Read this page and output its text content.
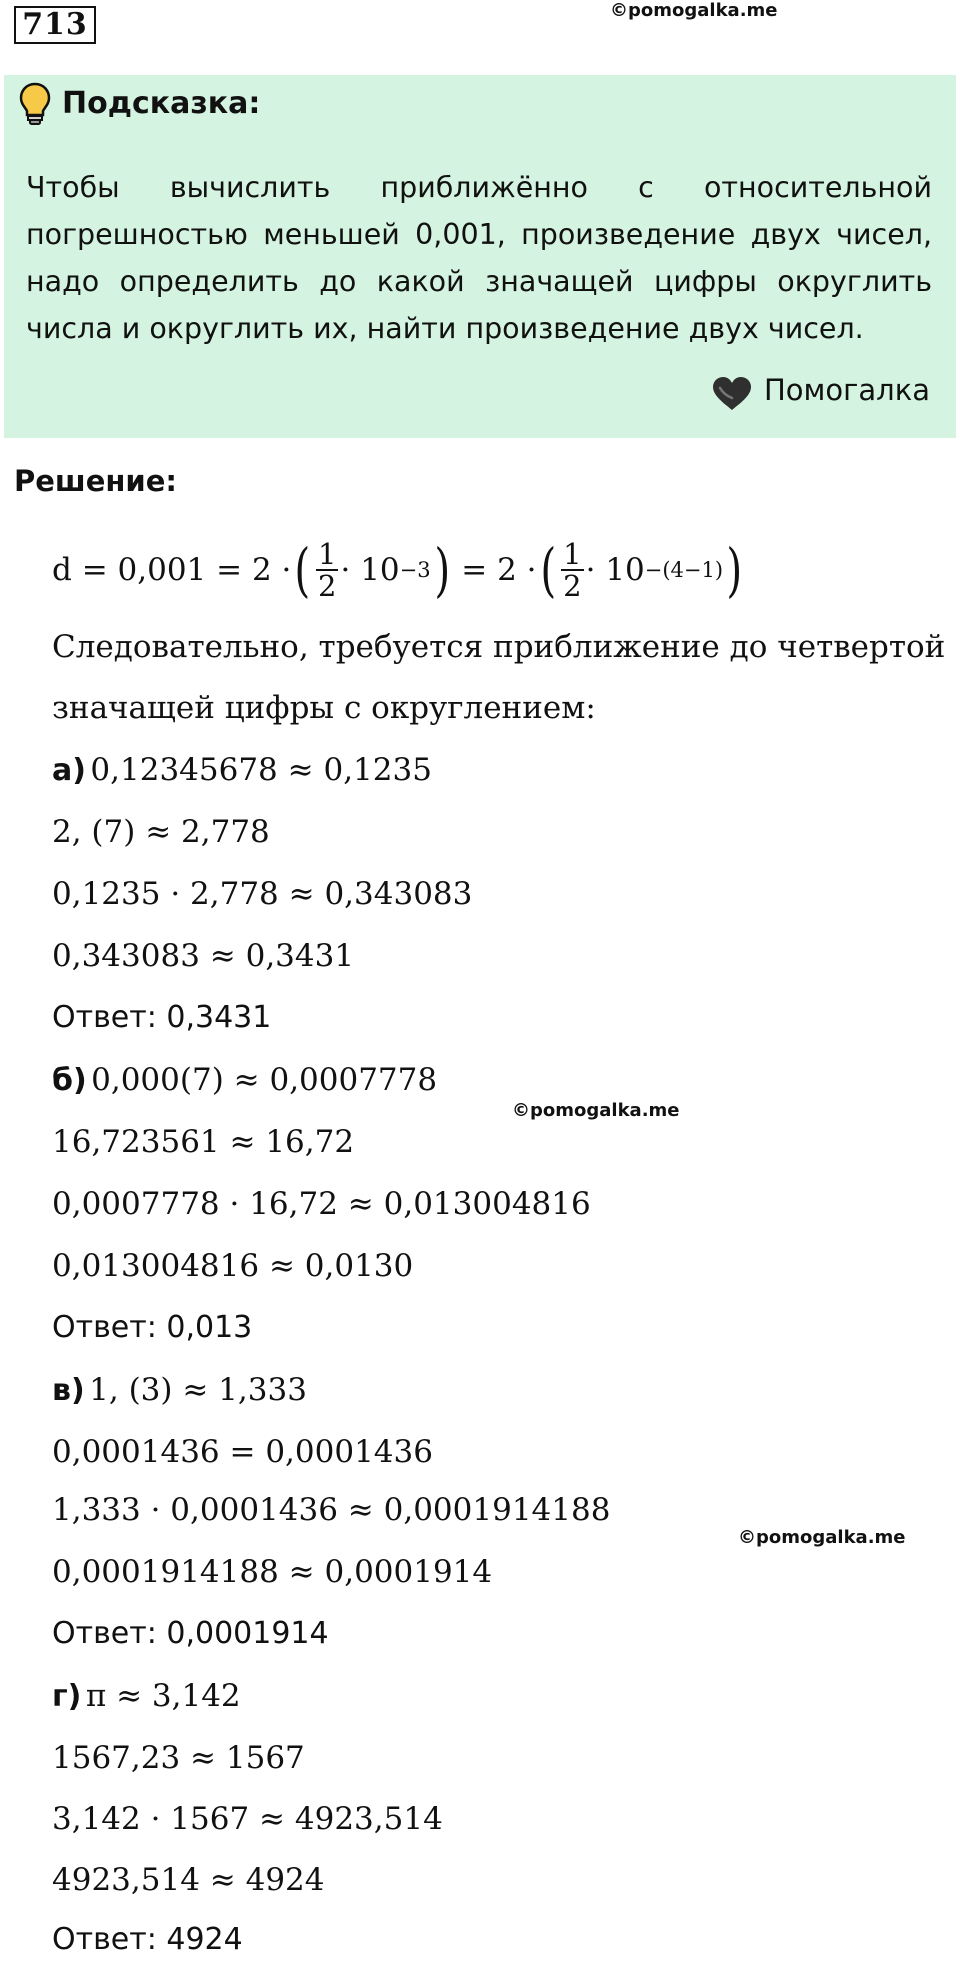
713	©pomogalka.me
Подсказка:
Чтобы вычислить приближённо с относительной погрешностью меньшей 0,001, произведение двух чисел, надо определить до какой значащей цифры округлить числа и округлить их, найти произведение двух чисел.
Помогалка
Решение:
d = 0,001 = 2 · ( $\frac{1}{2} \cdot 10 -3$ ) = 2 · ( $\frac{1}{2} \cdot 10 -(4-1)$ )
Следовательно, требуется приближение до четвертой
значащей цифры с округлением:
а) 0,12345678 ≈ 0,1235
2, (7) ≈ 2,778
0,1235 · 2,778 ≈ 0,343083
0,343083 ≈ 0,3431
Ответ: 0,3431
б) 0,000(7) ≈ 0,0007778
©pomogalka.me
16,723561 ≈ 16,72
0,0007778 · 16,72 ≈ 0,013004816
0,013004816 ≈ 0,0130
Ответ: 0,013
в) 1, (3) ≈ 1,333
0,0001436 = 0,0001436
1,333 · 0,0001436 ≈ 0,0001914188
©pomogalka.me
0,0001914188 ≈ 0,0001914
Ответ: 0,0001914
г) π ≈ 3,142
1567,23 ≈ 1567
3,142 · 1567 ≈ 4923,514
4923,514 ≈ 4924
Ответ: 4924
